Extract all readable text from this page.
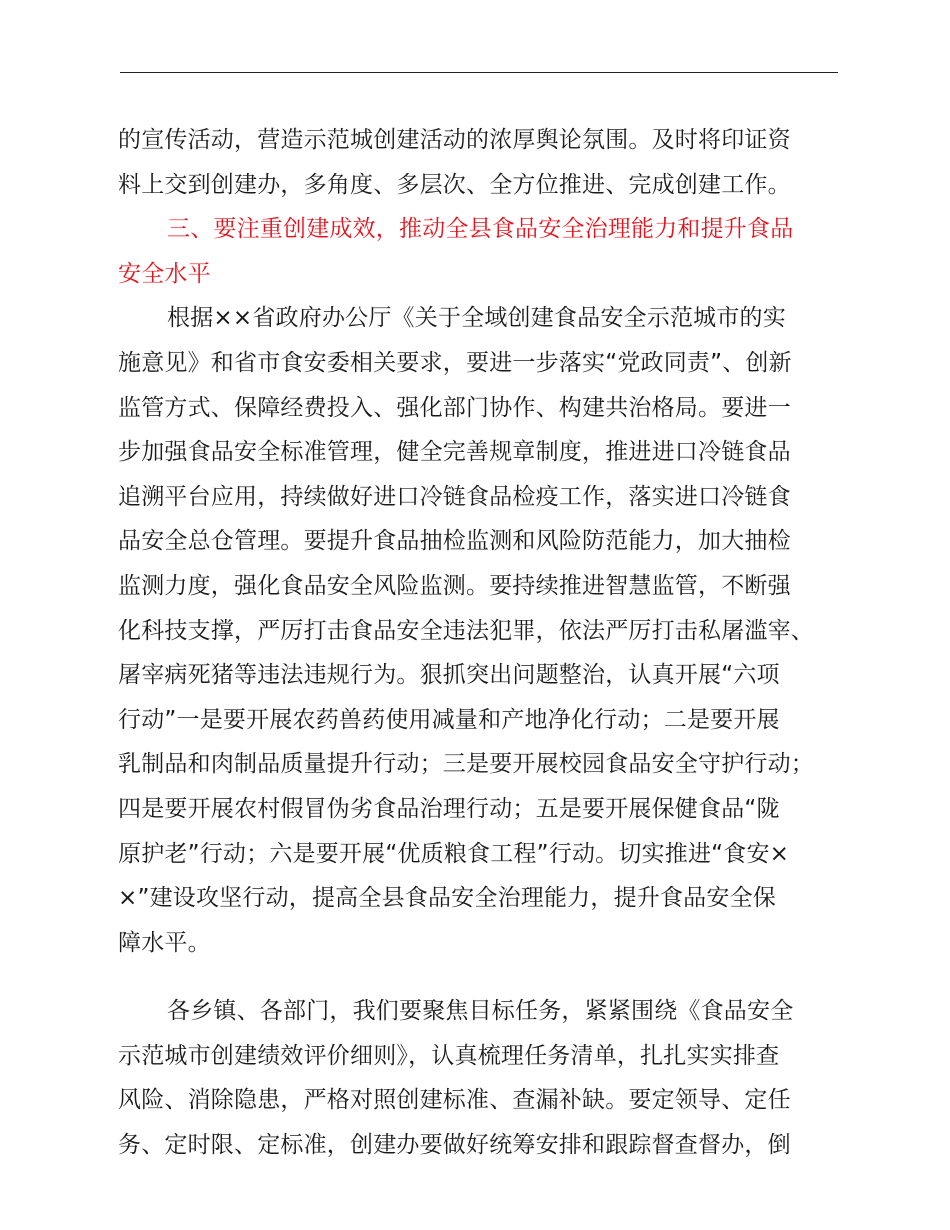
的宣传活动，营造示范城创建活动的浓厚舆论氛围。及时将印证资
料上交到创建办，多角度、多层次、全方位推进、完成创建工作。
三、要注重创建成效，推动全县食品安全治理能力和提升食品
安全水平
根据××省政府办公厅《关于全域创建食品安全示范城市的实
施意见》和省市食安委相关要求，要进一步落实“党政同责”、创新
监管方式、保障经费投入、强化部门协作、构建共治格局。要进一
步加强食品安全标准管理，健全完善规章制度，推进进口冷链食品
追溯平台应用，持续做好进口冷链食品检疫工作，落实进口冷链食
品安全总仓管理。要提升食品抽检监测和风险防范能力，加大抽检
监测力度，强化食品安全风险监测。要持续推进智慧监管，不断强
化科技支撑，严厉打击食品安全违法犯罪，依法严厉打击私屠滥宰、
屠宰病死猪等违法违规行为。狠抓突出问题整治，认真开展“六项
行动”一是要开展农药兽药使用减量和产地净化行动；二是要开展
乳制品和肉制品质量提升行动；三是要开展校园食品安全守护行动；
四是要开展农村假冒伪劣食品治理行动；五是要开展保健食品“陇
原护老”行动；六是要开展“优质粮食工程”行动。切实推进“食安×
×”建设攻坚行动，提高全县食品安全治理能力，提升食品安全保
障水平。
各乡镇、各部门，我们要聚焦目标任务，紧紧围绕《食品安全
示范城市创建绩效评价细则》，认真梳理任务清单，扎扎实实排查
风险、消除隐患，严格对照创建标准、查漏补缺。要定领导、定任
务、定时限、定标准，创建办要做好统筹安排和跟踪督查督办，倒
